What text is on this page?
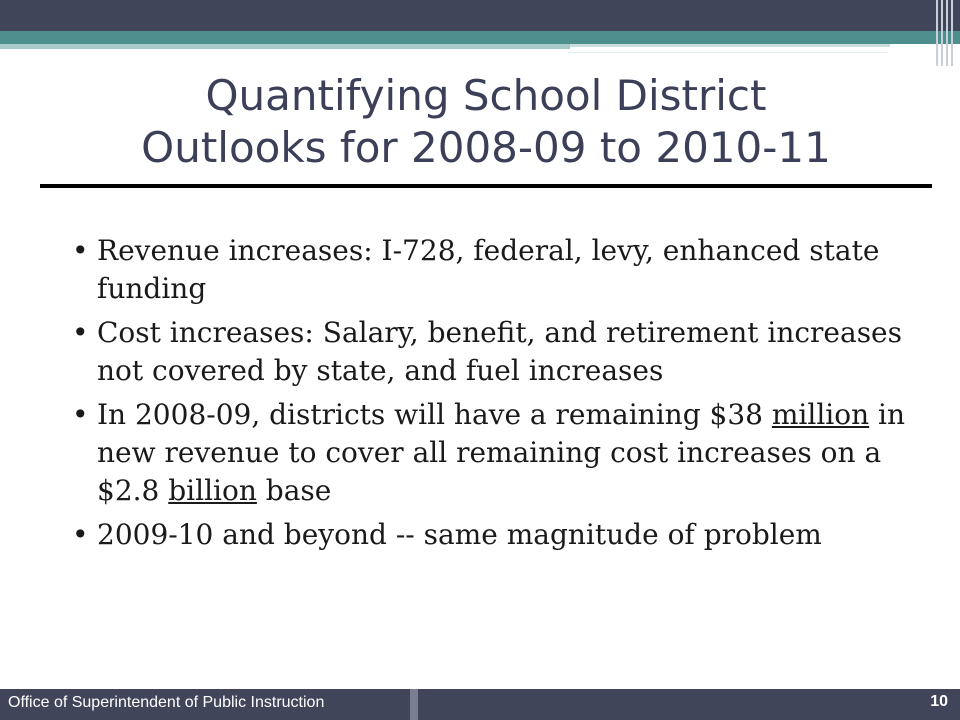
Quantifying School District
Outlooks for 2008-09 to 2010-11
• Revenue increases: I-728, federal, levy, enhanced state funding
• Cost increases: Salary, benefit, and retirement increases not covered by state, and fuel increases
• In 2008-09, districts will have a remaining $38 million in new revenue to cover all remaining cost increases on a $2.8 billion base
• 2009-10 and beyond -- same magnitude of problem
Office of Superintendent of Public Instruction	10
